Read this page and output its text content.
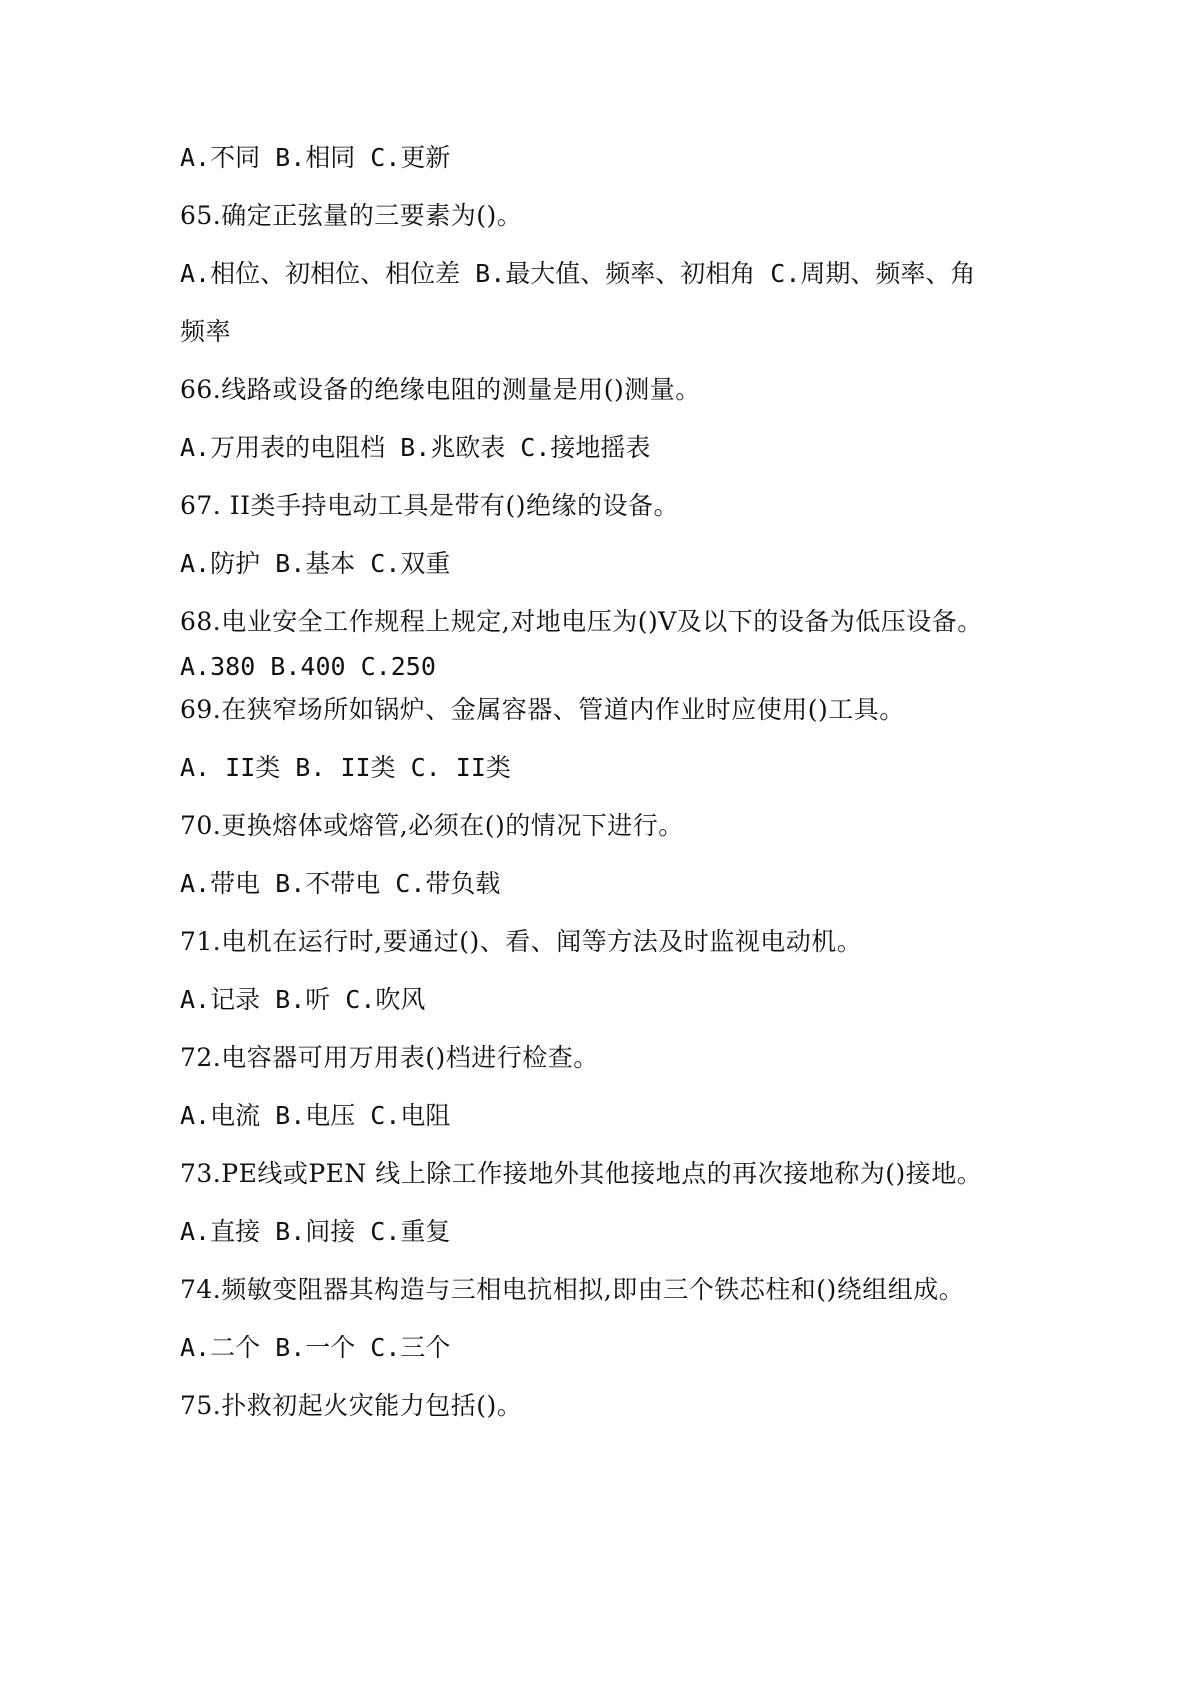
A.不同 B.相同 C.更新
65.确定正弦量的三要素为()。
A.相位、初相位、相位差 B.最大值、频率、初相角 C.周期、频率、角
频率
66.线路或设备的绝缘电阻的测量是用()测量。
A.万用表的电阻档 B.兆欧表 C.接地摇表
67. II类手持电动工具是带有()绝缘的设备。
A.防护 B.基本 C.双重
68.电业安全工作规程上规定,对地电压为()V及以下的设备为低压设备。
A.380 B.400 C.250
69.在狭窄场所如锅炉、金属容器、管道内作业时应使用()工具。
A. II类 B. II类 C. II类
70.更换熔体或熔管,必须在()的情况下进行。
A.带电 B.不带电 C.带负载
71.电机在运行时,要通过()、看、闻等方法及时监视电动机。
A.记录 B.听 C.吹风
72.电容器可用万用表()档进行检查。
A.电流 B.电压 C.电阻
73.PE线或PEN 线上除工作接地外其他接地点的再次接地称为()接地。
A.直接 B.间接 C.重复
74.频敏变阻器其构造与三相电抗相拟,即由三个铁芯柱和()绕组组成。
A.二个 B.一个 C.三个
75.扑救初起火灾能力包括()。
